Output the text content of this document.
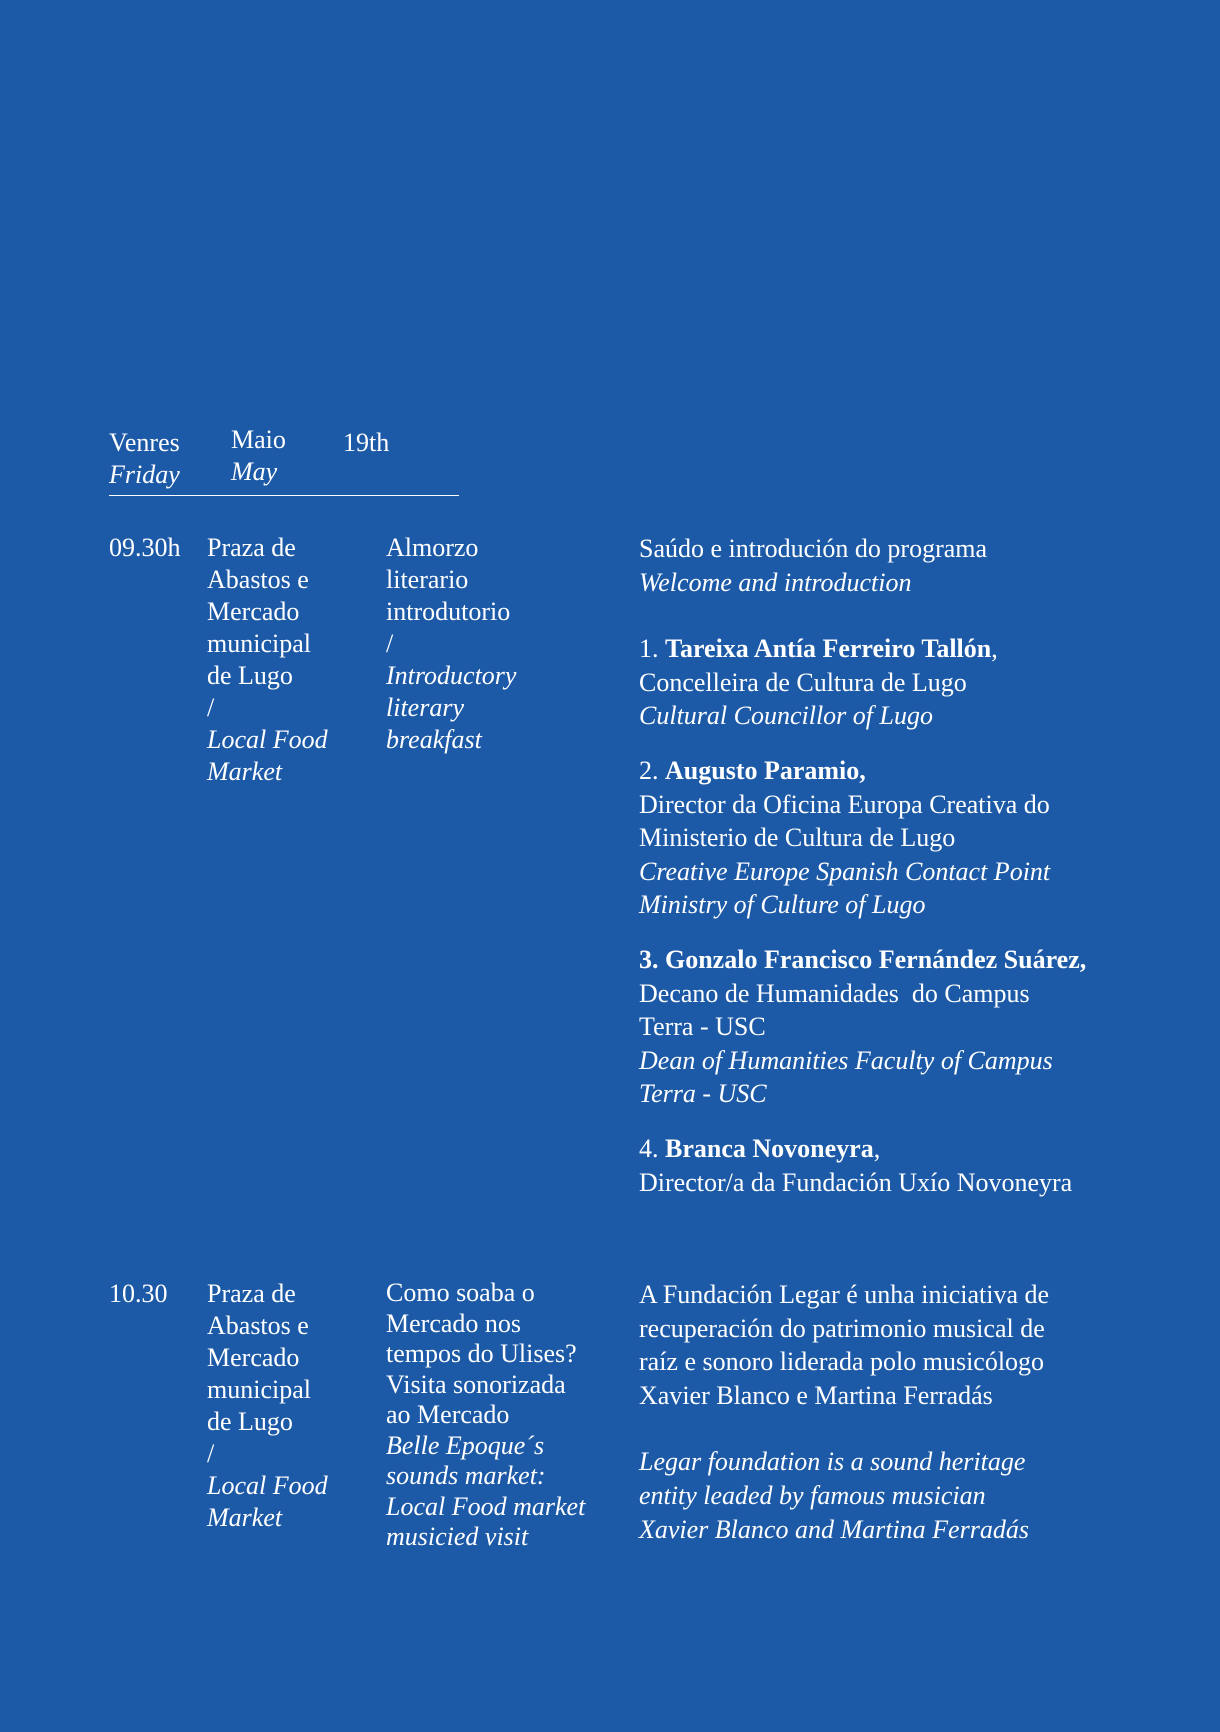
Venres
Friday
Maio
May
19th
09.30h Praza de
Abastos e
Mercado
municipal
de Lugo
/
Local Food
Market
Almorzo
literario
introdutorio
/
Introductory
literary
breakfast
Saúdo e introdución do programa
Welcome and introduction
1. Tareixa Antía Ferreiro Tallón,
Concelleira de Cultura de Lugo
Cultural Councillor of Lugo
2. Augusto Paramio,
Director da Oficina Europa Creativa do
Ministerio de Cultura de Lugo
Creative Europe Spanish Contact Point
Ministry of Culture of Lugo
3. Gonzalo Francisco Fernández Suárez,
Decano de Humanidades  do Campus
Terra - USC
Dean of Humanities Faculty of Campus
Terra - USC
4. Branca Novoneyra,
Director/a da Fundación Uxío Novoneyra
10.30 Praza de
Abastos e
Mercado
municipal
de Lugo
/
Local Food
Market
Como soaba o
Mercado nos
tempos do Ulises?
Visita sonorizada
ao Mercado
Belle Epoque´s
sounds market:
Local Food market
musicied visit
A Fundación Legar é unha iniciativa de
recuperación do patrimonio musical de
raíz e sonoro liderada polo musicólogo
Xavier Blanco e Martina Ferradás
Legar foundation is a sound heritage
entity leaded by famous musician
Xavier Blanco and Martina Ferradás
